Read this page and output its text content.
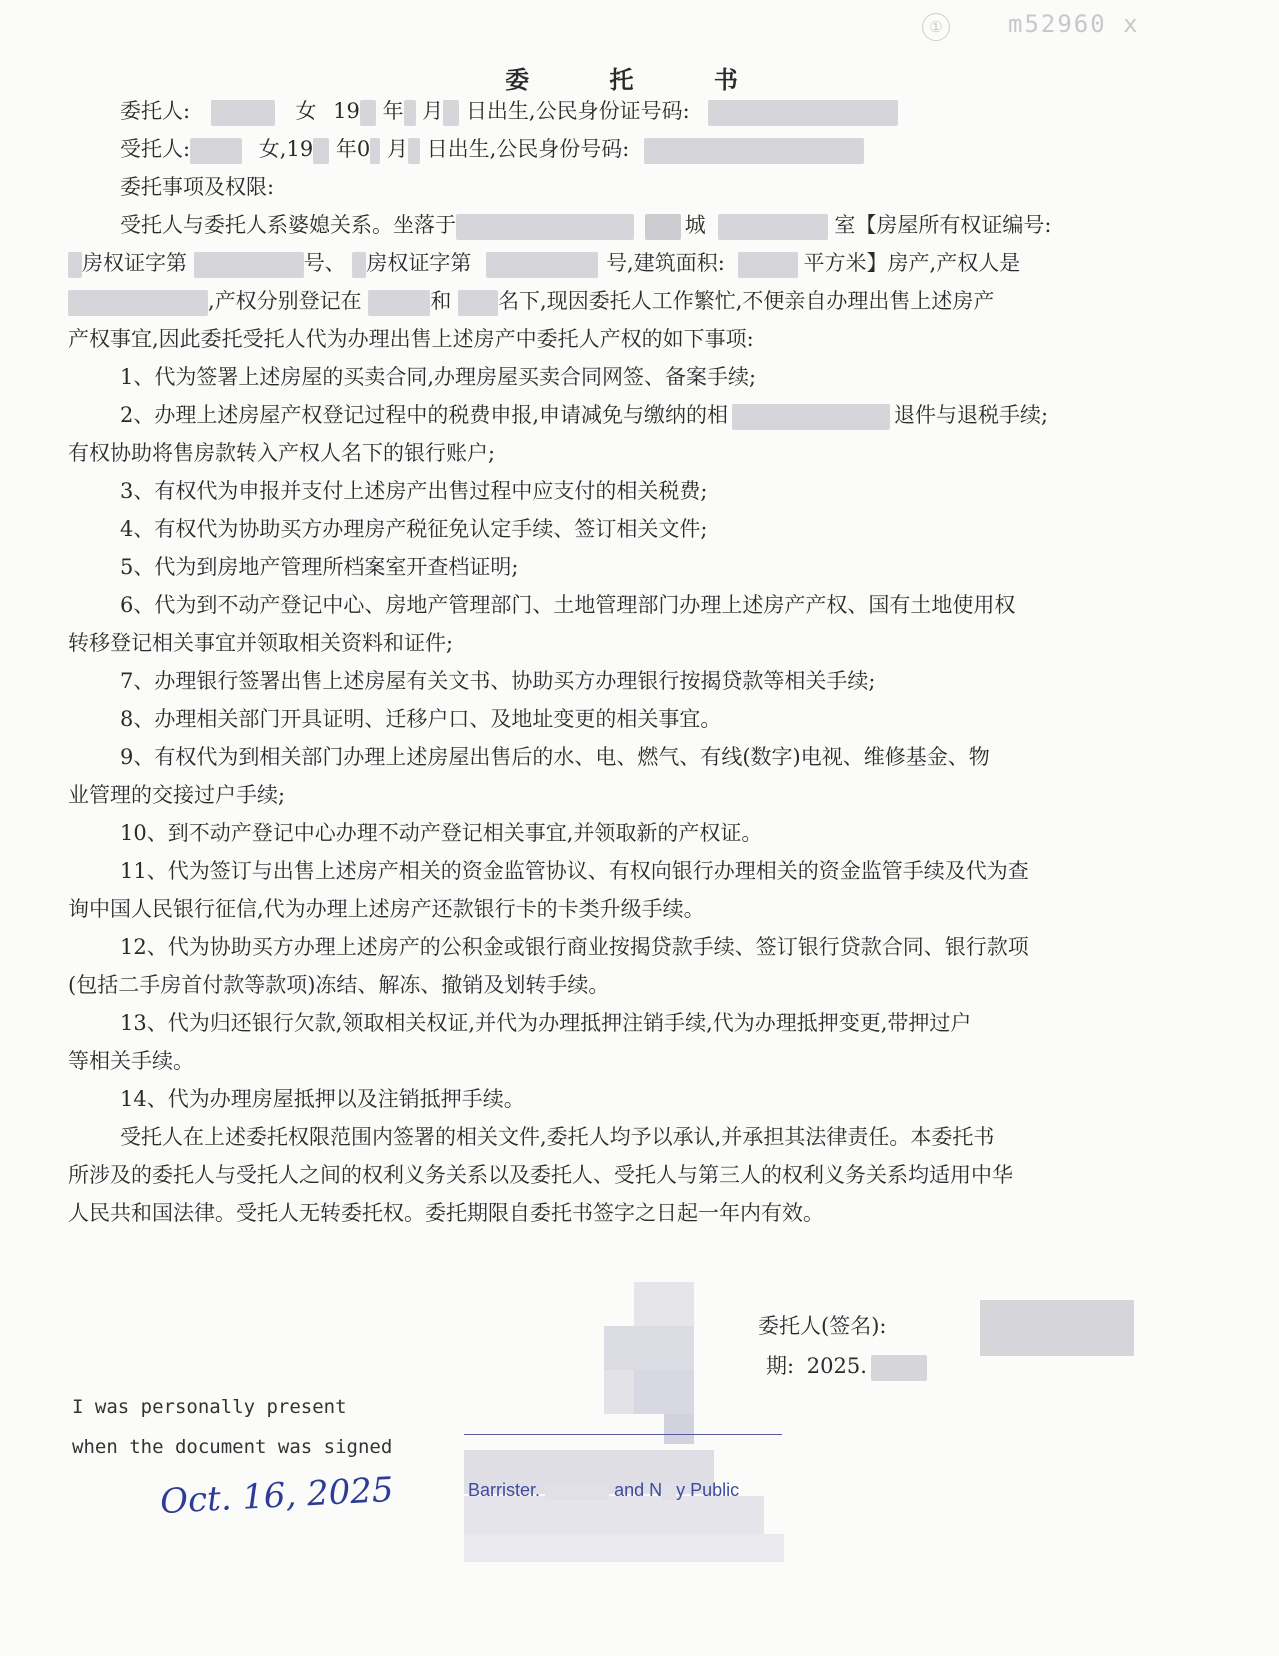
①	m52960 x
委 托 书
委托人:	女 19 年 月 日出生,公民身份证号码:
受托人:	女,19 年0 月 日出生,公民身份号码:
委托事项及权限:
受托人与委托人系婆媳关系。坐落于	城	室【房屋所有权证编号:
房权证字第	号、 房权证字第	号,建筑面积:	平方米】房产,产权人是
,产权分别登记在	和 名下,现因委托人工作繁忙,不便亲自办理出售上述房产
产权事宜,因此委托受托人代为办理出售上述房产中委托人产权的如下事项:
1、代为签署上述房屋的买卖合同,办理房屋买卖合同网签、备案手续;
2、办理上述房屋产权登记过程中的税费申报,申请减免与缴纳的相	退件与退税手续;
有权协助将售房款转入产权人名下的银行账户;
3、有权代为申报并支付上述房产出售过程中应支付的相关税费;
4、有权代为协助买方办理房产税征免认定手续、签订相关文件;
5、代为到房地产管理所档案室开查档证明;
6、代为到不动产登记中心、房地产管理部门、土地管理部门办理上述房产产权、国有土地使用权
转移登记相关事宜并领取相关资料和证件;
7、办理银行签署出售上述房屋有关文书、协助买方办理银行按揭贷款等相关手续;
8、办理相关部门开具证明、迁移户口、及地址变更的相关事宜。
9、有权代为到相关部门办理上述房屋出售后的水、电、燃气、有线(数字)电视、维修基金、物
业管理的交接过户手续;
10、到不动产登记中心办理不动产登记相关事宜,并领取新的产权证。
11、代为签订与出售上述房产相关的资金监管协议、有权向银行办理相关的资金监管手续及代为查
询中国人民银行征信,代为办理上述房产还款银行卡的卡类升级手续。
12、代为协助买方办理上述房产的公积金或银行商业按揭贷款手续、签订银行贷款合同、银行款项
(包括二手房首付款等款项)冻结、解冻、撤销及划转手续。
13、代为归还银行欠款,领取相关权证,并代为办理抵押注销手续,代为办理抵押变更,带押过户
等相关手续。
14、代为办理房屋抵押以及注销抵押手续。
受托人在上述委托权限范围内签署的相关文件,委托人均予以承认,并承担其法律责任。本委托书
所涉及的委托人与受托人之间的权利义务关系以及委托人、受托人与第三人的权利义务关系均适用中华
人民共和国法律。受托人无转委托权。委托期限自委托书签字之日起一年内有效。
Barrister.	and N y Public
委托人(签名):
期: 2025.
I was personally present
when the document was signed
Oct. 16, 2025
